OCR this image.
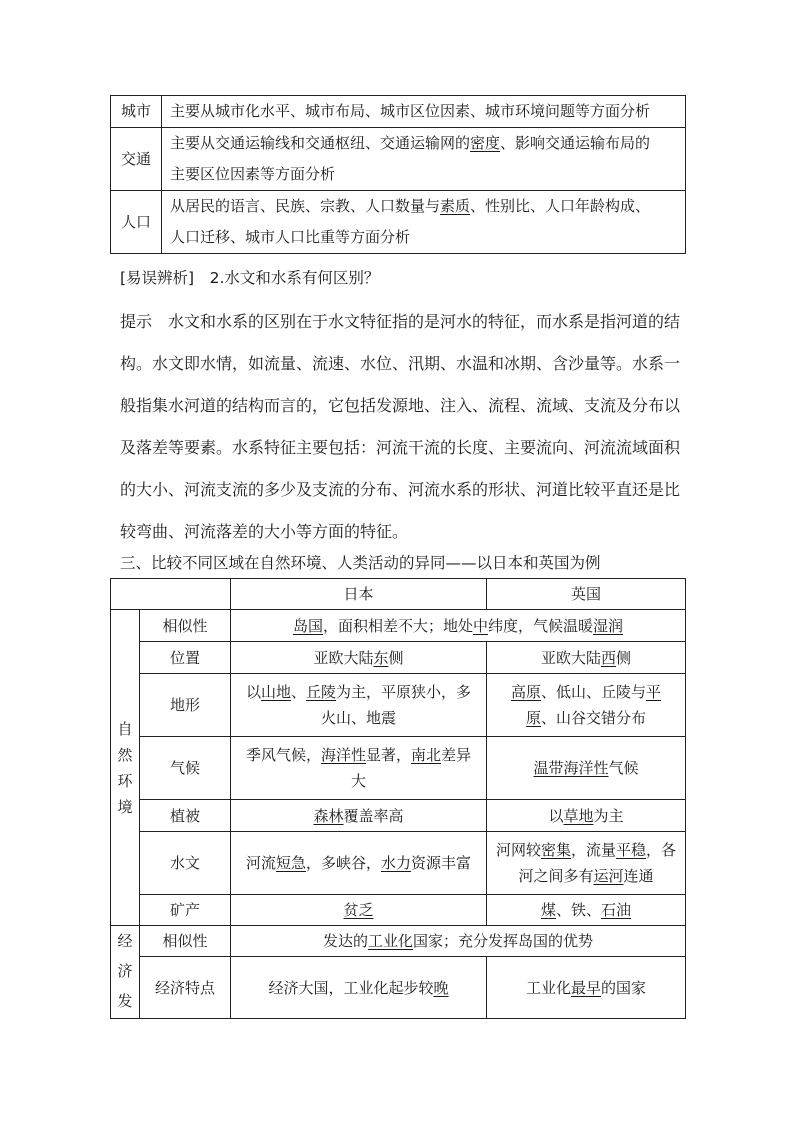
城市	主要从城市化水平、城市布局、城市区位因素、城市环境问题等方面分析

交通	主要从交通运输线和交通枢纽、交通运输网的密度、影响交通运输布局的
主要区位因素等方面分析

人口	从居民的语言、民族、宗教、人口数量与素质、性别比、人口年龄构成、
人口迁移、城市人口比重等方面分析
[易误辨析]　2.水文和水系有何区别？
提示　水文和水系的区别在于水文特征指的是河水的特征，而水系是指河道的结构。水文即水情，如流量、流速、水位、汛期、水温和冰期、含沙量等。水系一般指集水河道的结构而言的，它包括发源地、注入、流程、流域、支流及分布以及落差等要素。水系特征主要包括：河流干流的长度、主要流向、河流流域面积的大小、河流支流的多少及支流的分布、河流水系的形状、河道比较平直还是比较弯曲、河流落差的大小等方面的特征。
三、比较不同区域在自然环境、人类活动的异同——以日本和英国为例
		日本	英国
自然环境	相似性	岛国，面积相差不大；地处中纬度，气候温暖湿润	
	位置	亚欧大陆东侧	亚欧大陆西侧
	地形	以山地、丘陵为主，平原狭小，多火山、地震	高原、低山、丘陵与平原、山谷交错分布
	气候	季风气候，海洋性显著，南北差异大	温带海洋性气候
	植被	森林覆盖率高	以草地为主
	水文	河流短急，多峡谷，水力资源丰富	河网较密集，流量平稳，各河之间多有运河连通
	矿产	贫乏	煤、铁、石油
经济发	相似性	发达的工业化国家；充分发挥岛国的优势	
	经济特点	经济大国，工业化起步较晚	工业化最早的国家
